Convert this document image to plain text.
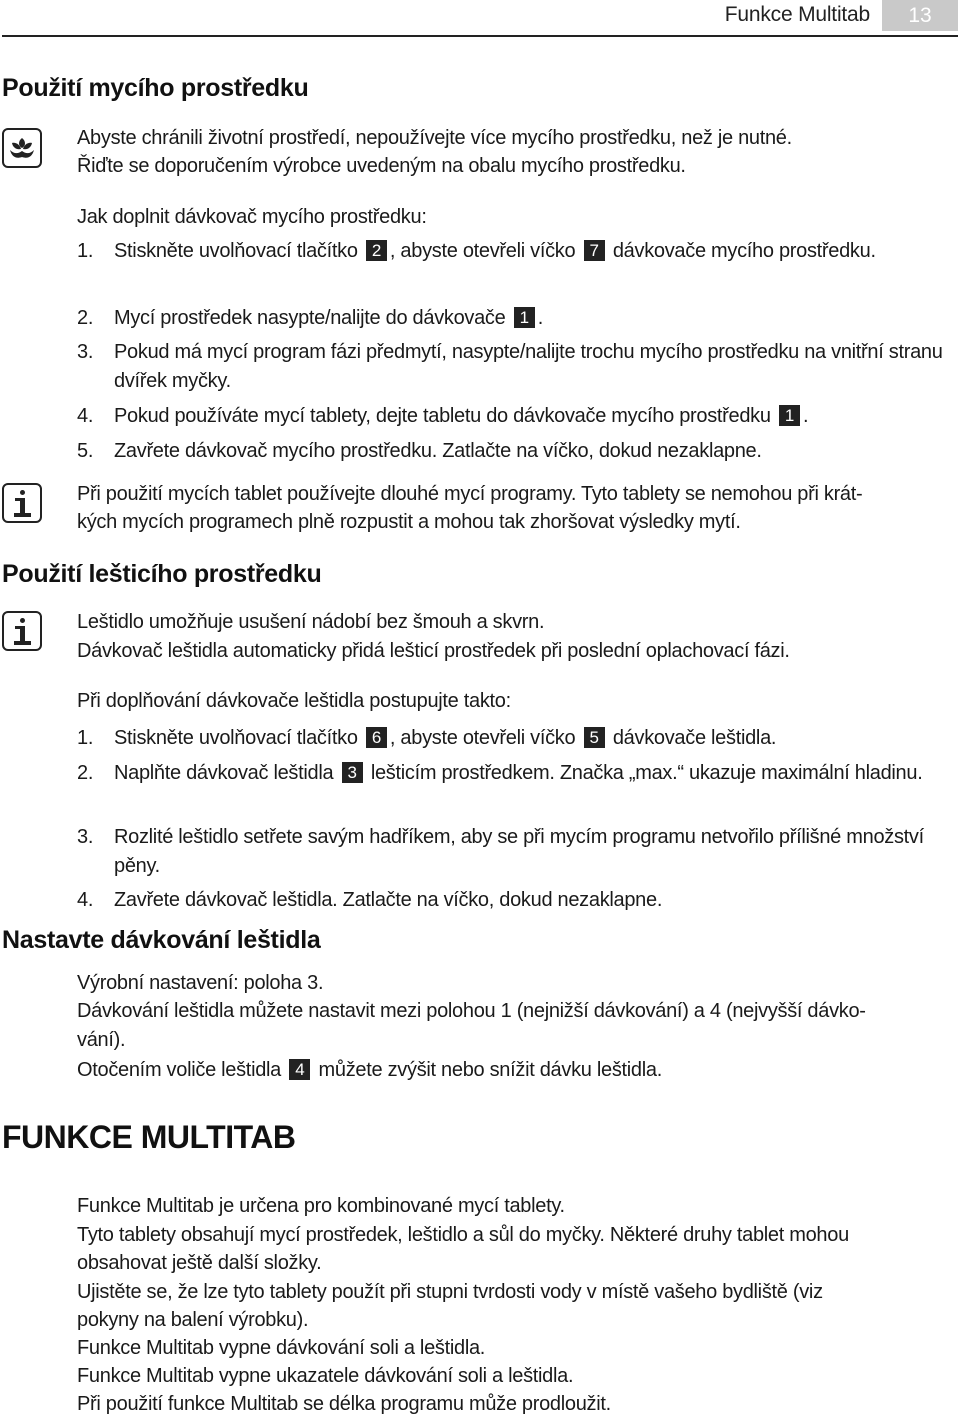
Funkce Multitab	13
Použití mycího prostředku

Abyste chránili životní prostředí, nepoužívejte více mycího prostředku, než je nutné.

Řiďte se doporučením výrobce uvedeným na obalu mycího prostředku.

Jak doplnit dávkovač mycího prostředku:

1.	Stiskněte uvolňovací tlačítko 2 , abyste otevřeli víčko 7 dávkovače mycího prostředku.
2.	Mycí prostředek nasypte/nalijte do dávkovače 1 .
3.	Pokud má mycí program fázi předmytí, nasypte/nalijte trochu mycího prostředku na vnitřní stranu dvířek myčky.
4.	Pokud používáte mycí tablety, dejte tabletu do dávkovače mycího prostředku 1 .
5.	Zavřete dávkovač mycího prostředku. Zatlačte na víčko, dokud nezaklapne.

Při použití mycích tablet používejte dlouhé mycí programy. Tyto tablety se nemohou při krát-

kých mycích programech plně rozpustit a mohou tak zhoršovat výsledky mytí.

Použití lešticího prostředku

Leštidlo umožňuje usušení nádobí bez šmouh a skvrn.

Dávkovač leštidla automaticky přidá lešticí prostředek při poslední oplachovací fázi.

Při doplňování dávkovače leštidla postupujte takto:

1.	Stiskněte uvolňovací tlačítko 6 , abyste otevřeli víčko 5 dávkovače leštidla.
2.	Naplňte dávkovač leštidla 3 lešticím prostředkem. Značka „max.“ ukazuje maximální hladinu.
3.	Rozlité leštidlo setřete savým hadříkem, aby se při mycím programu netvořilo přílišné množství pěny.
4.	Zavřete dávkovač leštidla. Zatlačte na víčko, dokud nezaklapne.
Nastavte dávkování leštidla

Výrobní nastavení: poloha 3.

Dávkování leštidla můžete nastavit mezi polohou 1 (nejnižší dávkování) a 4 (nejvyšší dávko-

vání).

Otočením voliče leštidla 4 můžete zvýšit nebo snížit dávku leštidla.

FUNKCE MULTITAB

Funkce Multitab je určena pro kombinované mycí tablety.

Tyto tablety obsahují mycí prostředek, leštidlo a sůl do myčky. Některé druhy tablet mohou

obsahovat ještě další složky.

Ujistěte se, že lze tyto tablety použít při stupni tvrdosti vody v místě vašeho bydliště (viz

pokyny na balení výrobku).

Funkce Multitab vypne dávkování soli a leštidla.

Funkce Multitab vypne ukazatele dávkování soli a leštidla.

Při použití funkce Multitab se délka programu může prodloužit.
